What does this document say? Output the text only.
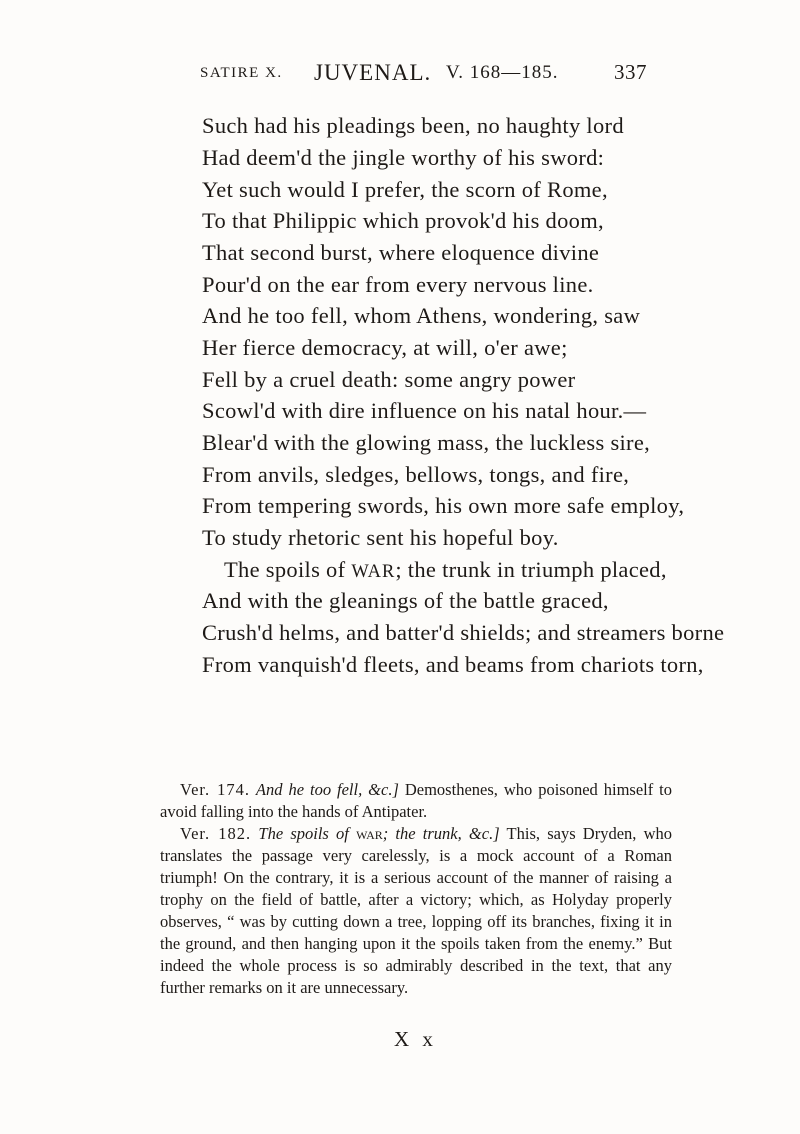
SATIRE X. JUVENAL. V. 168—185.	337
Such had his pleadings been, no haughty lord
Had deem'd the jingle worthy of his sword:
Yet such would I prefer, the scorn of Rome,
To that Philippic which provok'd his doom,
That second burst, where eloquence divine
Pour'd on the ear from every nervous line.
And he too fell, whom Athens, wondering, saw
Her fierce democracy, at will, o'er awe;
Fell by a cruel death: some angry power
Scowl'd with dire influence on his natal hour.—
Blear'd with the glowing mass, the luckless sire,
From anvils, sledges, bellows, tongs, and fire,
From tempering swords, his own more safe employ,
To study rhetoric sent his hopeful boy.
The spoils of WAR; the trunk in triumph placed,
And with the gleanings of the battle graced,
Crush'd helms, and batter'd shields; and streamers borne
From vanquish'd fleets, and beams from chariots torn,

Ver. 174. And he too fell, &c.] Demosthenes, who poisoned himself to avoid falling into the hands of Antipater.

Ver. 182. The spoils of war; the trunk, &c.] This, says Dryden, who translates the passage very carelessly, is a mock account of a Roman triumph! On the contrary, it is a serious account of the manner of raising a trophy on the field of battle, after a victory; which, as Holyday properly observes, “ was by cutting down a tree, lopping off its branches, fixing it in the ground, and then hanging upon it the spoils taken from the enemy.” But indeed the whole process is so admirably described in the text, that any further remarks on it are unnecessary.

X x
